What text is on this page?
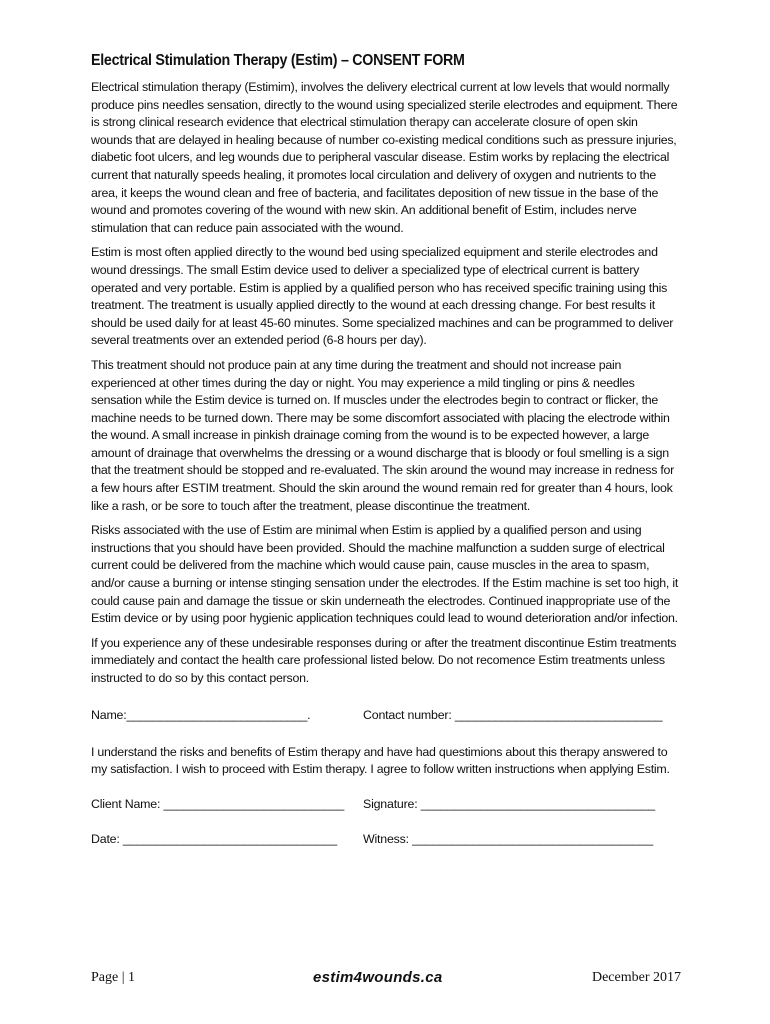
Electrical Stimulation Therapy (Estim) – CONSENT FORM

Electrical stimulation therapy (Estimim), involves the delivery electrical current at low levels that would normally produce pins needles sensation, directly to the wound using specialized sterile electrodes and equipment. There is strong clinical research evidence that electrical stimulation therapy can accelerate closure of open skin wounds that are delayed in healing because of number co-existing medical conditions such as pressure injuries, diabetic foot ulcers, and leg wounds due to peripheral vascular disease. Estim works by replacing the electrical current that naturally speeds healing, it promotes local circulation and delivery of oxygen and nutrients to the area, it keeps the wound clean and free of bacteria, and facilitates deposition of new tissue in the base of the wound and promotes covering of the wound with new skin. An additional benefit of Estim, includes nerve stimulation that can reduce pain associated with the wound.

Estim is most often applied directly to the wound bed using specialized equipment and sterile electrodes and wound dressings. The small Estim device used to deliver a specialized type of electrical current is battery operated and very portable. Estim is applied by a qualified person who has received specific training using this treatment. The treatment is usually applied directly to the wound at each dressing change. For best results it should be used daily for at least 45-60 minutes. Some specialized machines and can be programmed to deliver several treatments over an extended period (6-8 hours per day).

This treatment should not produce pain at any time during the treatment and should not increase pain experienced at other times during the day or night. You may experience a mild tingling or pins & needles sensation while the Estim device is turned on. If muscles under the electrodes begin to contract or flicker, the machine needs to be turned down. There may be some discomfort associated with placing the electrode within the wound. A small increase in pinkish drainage coming from the wound is to be expected however, a large amount of drainage that overwhelms the dressing or a wound discharge that is bloody or foul smelling is a sign that the treatment should be stopped and re-evaluated. The skin around the wound may increase in redness for a few hours after ESTIM treatment. Should the skin around the wound remain red for greater than 4 hours, look like a rash, or be sore to touch after the treatment, please discontinue the treatment.

Risks associated with the use of Estim are minimal when Estim is applied by a qualified person and using instructions that you should have been provided. Should the machine malfunction a sudden surge of electrical current could be delivered from the machine which would cause pain, cause muscles in the area to spasm, and/or cause a burning or intense stinging sensation under the electrodes. If the Estim machine is set too high, it could cause pain and damage the tissue or skin underneath the electrodes. Continued inappropriate use of the Estim device or by using poor hygienic application techniques could lead to wound deterioration and/or infection.

If you experience any of these undesirable responses during or after the treatment discontinue Estim treatments immediately and contact the health care professional listed below. Do not recomence Estim treatments unless instructed to do so by this contact person.

Name:___________________________.	Contact number: _______________________________

I understand the risks and benefits of Estim therapy and have had questimions about this therapy answered to my satisfaction. I wish to proceed with Estim therapy. I agree to follow written instructions when applying Estim.

Client Name: ___________________________ Signature: ___________________________________
Date: ________________________________ Witness: ____________________________________
Page | 1	estim4wounds.ca	December 2017
